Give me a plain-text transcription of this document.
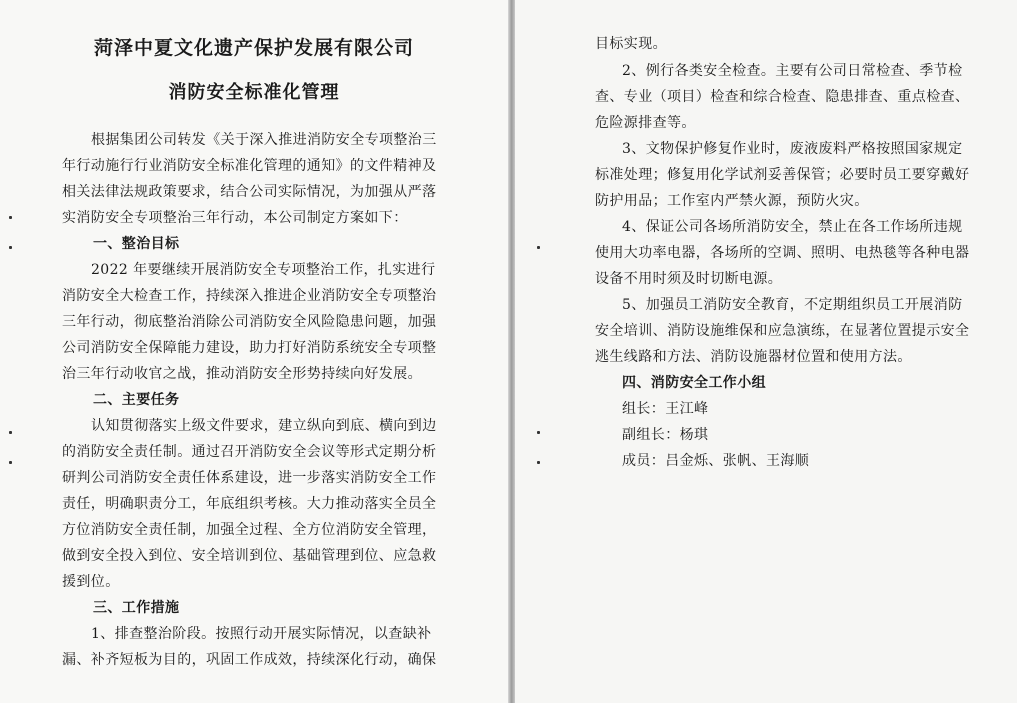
菏泽中夏文化遗产保护发展有限公司
消防安全标准化管理
根据集团公司转发《关于深入推进消防安全专项整治三
年行动施行行业消防安全标准化管理的通知》的文件精神及
相关法律法规政策要求，结合公司实际情况，为加强从严落
实消防安全专项整治三年行动，本公司制定方案如下：
一、整治目标
2022 年要继续开展消防安全专项整治工作，扎实进行
消防安全大检查工作，持续深入推进企业消防安全专项整治
三年行动，彻底整治消除公司消防安全风险隐患问题，加强
公司消防安全保障能力建设，助力打好消防系统安全专项整
治三年行动收官之战，推动消防安全形势持续向好发展。
二、主要任务
认知贯彻落实上级文件要求，建立纵向到底、横向到边
的消防安全责任制。通过召开消防安全会议等形式定期分析
研判公司消防安全责任体系建设，进一步落实消防安全工作
责任，明确职责分工，年底组织考核。大力推动落实全员全
方位消防安全责任制，加强全过程、全方位消防安全管理，
做到安全投入到位、安全培训到位、基础管理到位、应急救
援到位。
三、工作措施
1、排查整治阶段。按照行动开展实际情况，以查缺补
漏、补齐短板为目的，巩固工作成效，持续深化行动，确保
目标实现。
2、例行各类安全检查。主要有公司日常检查、季节检
查、专业（项目）检查和综合检查、隐患排查、重点检查、
危险源排查等。
3、文物保护修复作业时，废液废料严格按照国家规定
标准处理；修复用化学试剂妥善保管；必要时员工要穿戴好
防护用品；工作室内严禁火源，预防火灾。
4、保证公司各场所消防安全，禁止在各工作场所违规
使用大功率电器，各场所的空调、照明、电热毯等各种电器
设备不用时须及时切断电源。
5、加强员工消防安全教育，不定期组织员工开展消防
安全培训、消防设施维保和应急演练，在显著位置提示安全
逃生线路和方法、消防设施器材位置和使用方法。
四、消防安全工作小组
组长：王江峰
副组长：杨琪
成员：吕金烁、张帆、王海顺
